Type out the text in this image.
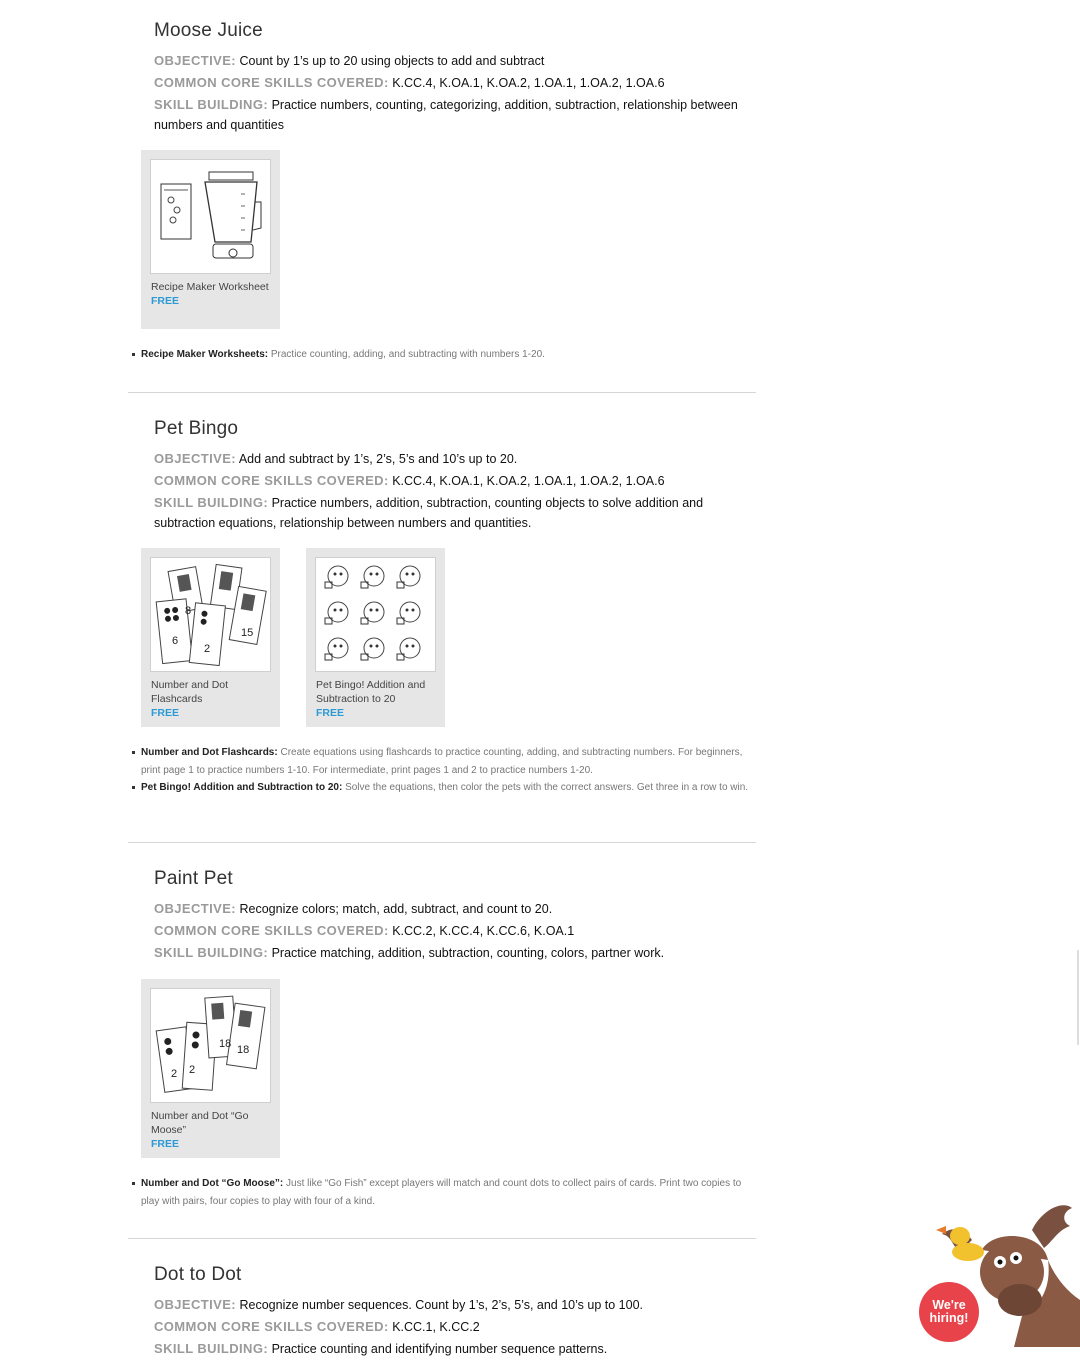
Moose Juice
OBJECTIVE: Count by 1’s up to 20 using objects to add and subtract
COMMON CORE SKILLS COVERED: K.CC.4, K.OA.1, K.OA.2, 1.OA.1, 1.OA.2, 1.OA.6
SKILL BUILDING: Practice numbers, counting, categorizing, addition, subtraction, relationship between numbers and quantities
Recipe Maker Worksheet
FREE
Recipe Maker Worksheets: Practice counting, adding, and subtracting with numbers 1-20.
Pet Bingo
OBJECTIVE: Add and subtract by 1’s, 2’s, 5’s and 10’s up to 20.
COMMON CORE SKILLS COVERED: K.CC.4, K.OA.1, K.OA.2, 1.OA.1, 1.OA.2, 1.OA.6
SKILL BUILDING: Practice numbers, addition, subtraction, counting objects to solve addition and subtraction equations, relationship between numbers and quantities.
8
6
2
15
Number and Dot Flashcards
FREE
Pet Bingo! Addition and Subtraction to 20
FREE
Number and Dot Flashcards: Create equations using flashcards to practice counting, adding, and subtracting numbers. For beginners, print page 1 to practice numbers 1-10. For intermediate, print pages 1 and 2 to practice numbers 1-20.
Pet Bingo! Addition and Subtraction to 20: Solve the equations, then color the pets with the correct answers. Get three in a row to win.
Paint Pet
OBJECTIVE: Recognize colors; match, add, subtract, and count to 20.
COMMON CORE SKILLS COVERED: K.CC.2, K.CC.4, K.CC.6, K.OA.1
SKILL BUILDING: Practice matching, addition, subtraction, counting, colors, partner work.
18 18
2 2
Number and Dot “Go Moose”
FREE
Number and Dot “Go Moose”: Just like “Go Fish” except players will match and count dots to collect pairs of cards. Print two copies to play with pairs, four copies to play with four of a kind.
Dot to Dot
OBJECTIVE: Recognize number sequences. Count by 1’s, 2’s, 5’s, and 10’s up to 100.
COMMON CORE SKILLS COVERED: K.CC.1, K.CC.2
SKILL BUILDING: Practice counting and identifying number sequence patterns.
We're
hiring!
